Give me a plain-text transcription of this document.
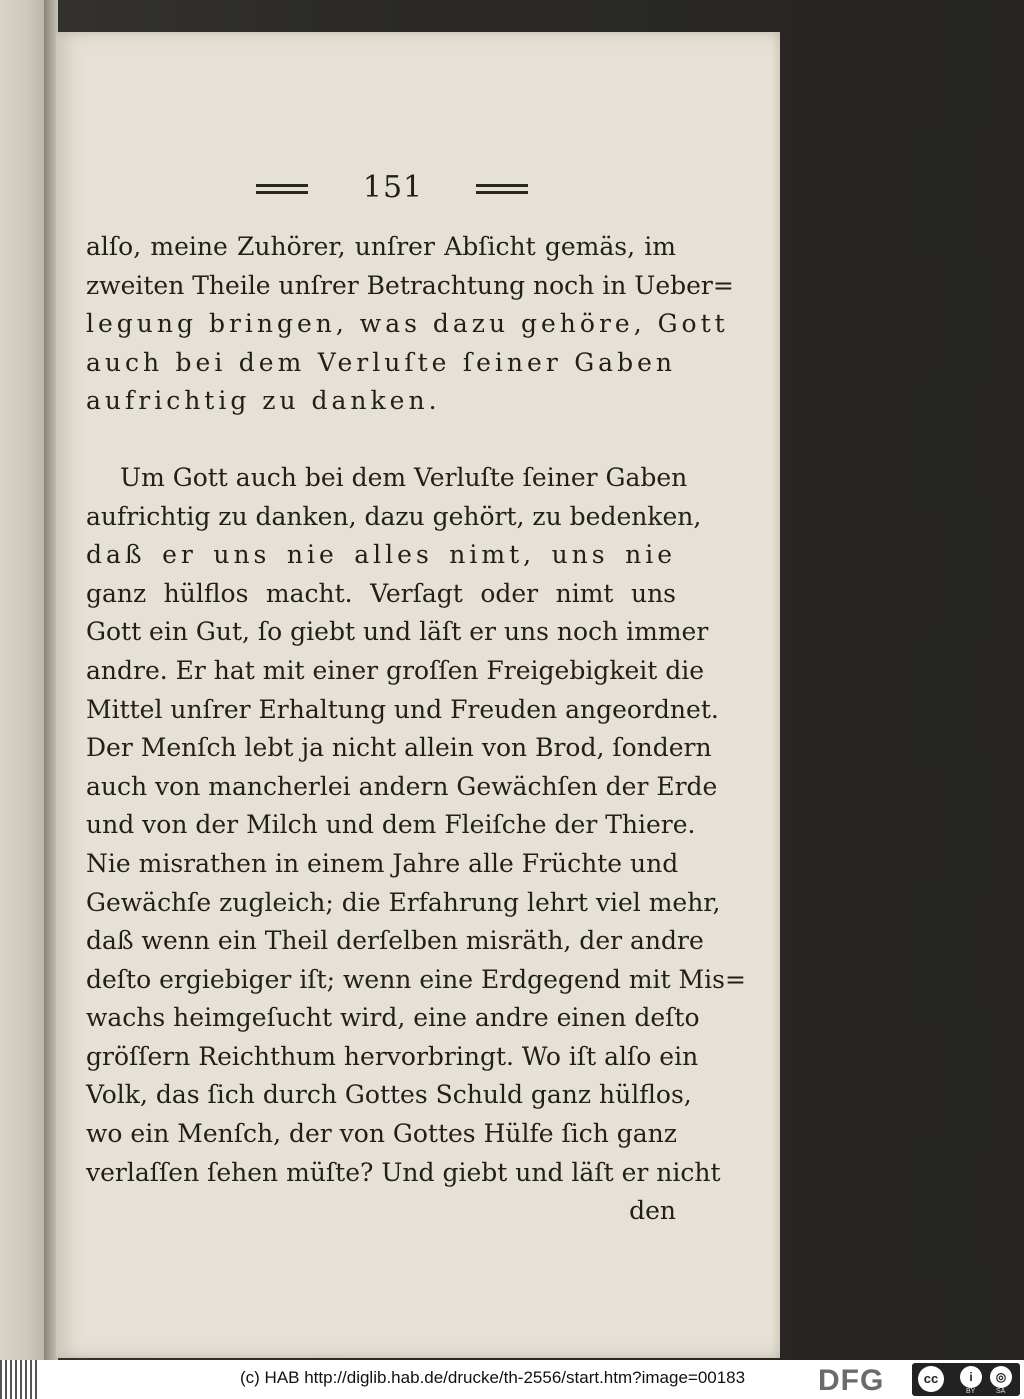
151
alſo, meine Zuhörer, unſrer Abſicht gemäs, im
zweiten Theile unſrer Betrachtung noch in Ueber=
legung bringen, was dazu gehöre, Gott
auch bei dem Verluſte ſeiner Gaben
aufrichtig zu danken.
Um Gott auch bei dem Verluſte ſeiner Gaben
aufrichtig zu danken, dazu gehört, zu bedenken,
daß er uns nie alles nimt, uns nie
ganz hülflos macht. Verſagt oder nimt uns
Gott ein Gut, ſo giebt und läſt er uns noch immer
andre. Er hat mit einer groſſen Freigebigkeit die
Mittel unſrer Erhaltung und Freuden angeordnet.
Der Menſch lebt ja nicht allein von Brod, ſondern
auch von mancherlei andern Gewächſen der Erde
und von der Milch und dem Fleiſche der Thiere.
Nie misrathen in einem Jahre alle Früchte und
Gewächſe zugleich; die Erfahrung lehrt viel mehr,
daß wenn ein Theil derſelben misräth, der andre
deſto ergiebiger iſt; wenn eine Erdgegend mit Mis=
wachs heimgeſucht wird, eine andre einen deſto
gröſſern Reichthum hervorbringt. Wo iſt alſo ein
Volk, das ſich durch Gottes Schuld ganz hülflos,
wo ein Menſch, der von Gottes Hülfe ſich ganz
verlaſſen ſehen müſte? Und giebt und läſt er nicht
den
(c) HAB http://diglib.hab.de/drucke/th-2556/start.htm?image=00183 DFG	cc	i	◎
BY	SA
